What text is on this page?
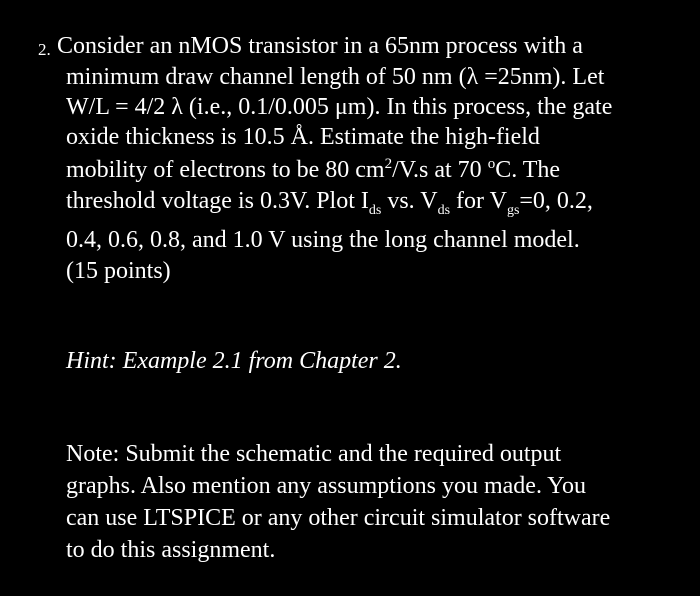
2. Consider an nMOS transistor in a 65nm process with a
minimum draw channel length of 50 nm (λ =25nm). Let
W/L = 4/2 λ (i.e., 0.1/0.005 μm). In this process, the gate
oxide thickness is 10.5 Å. Estimate the high-field
mobility of electrons to be 80 $cm^2/V.s$ at 70 $^o$C. The
threshold voltage is 0.3V. Plot $I_{ds}$ vs. $V_{ds}$ for $V_{gs}=0$, 0.2,
0.4, 0.6, 0.8, and 1.0 V using the long channel model.
(15 points)
Hint: Example 2.1 from Chapter 2.
Note: Submit the schematic and the required output
graphs. Also mention any assumptions you made. You
can use LTSPICE or any other circuit simulator software
to do this assignment.
